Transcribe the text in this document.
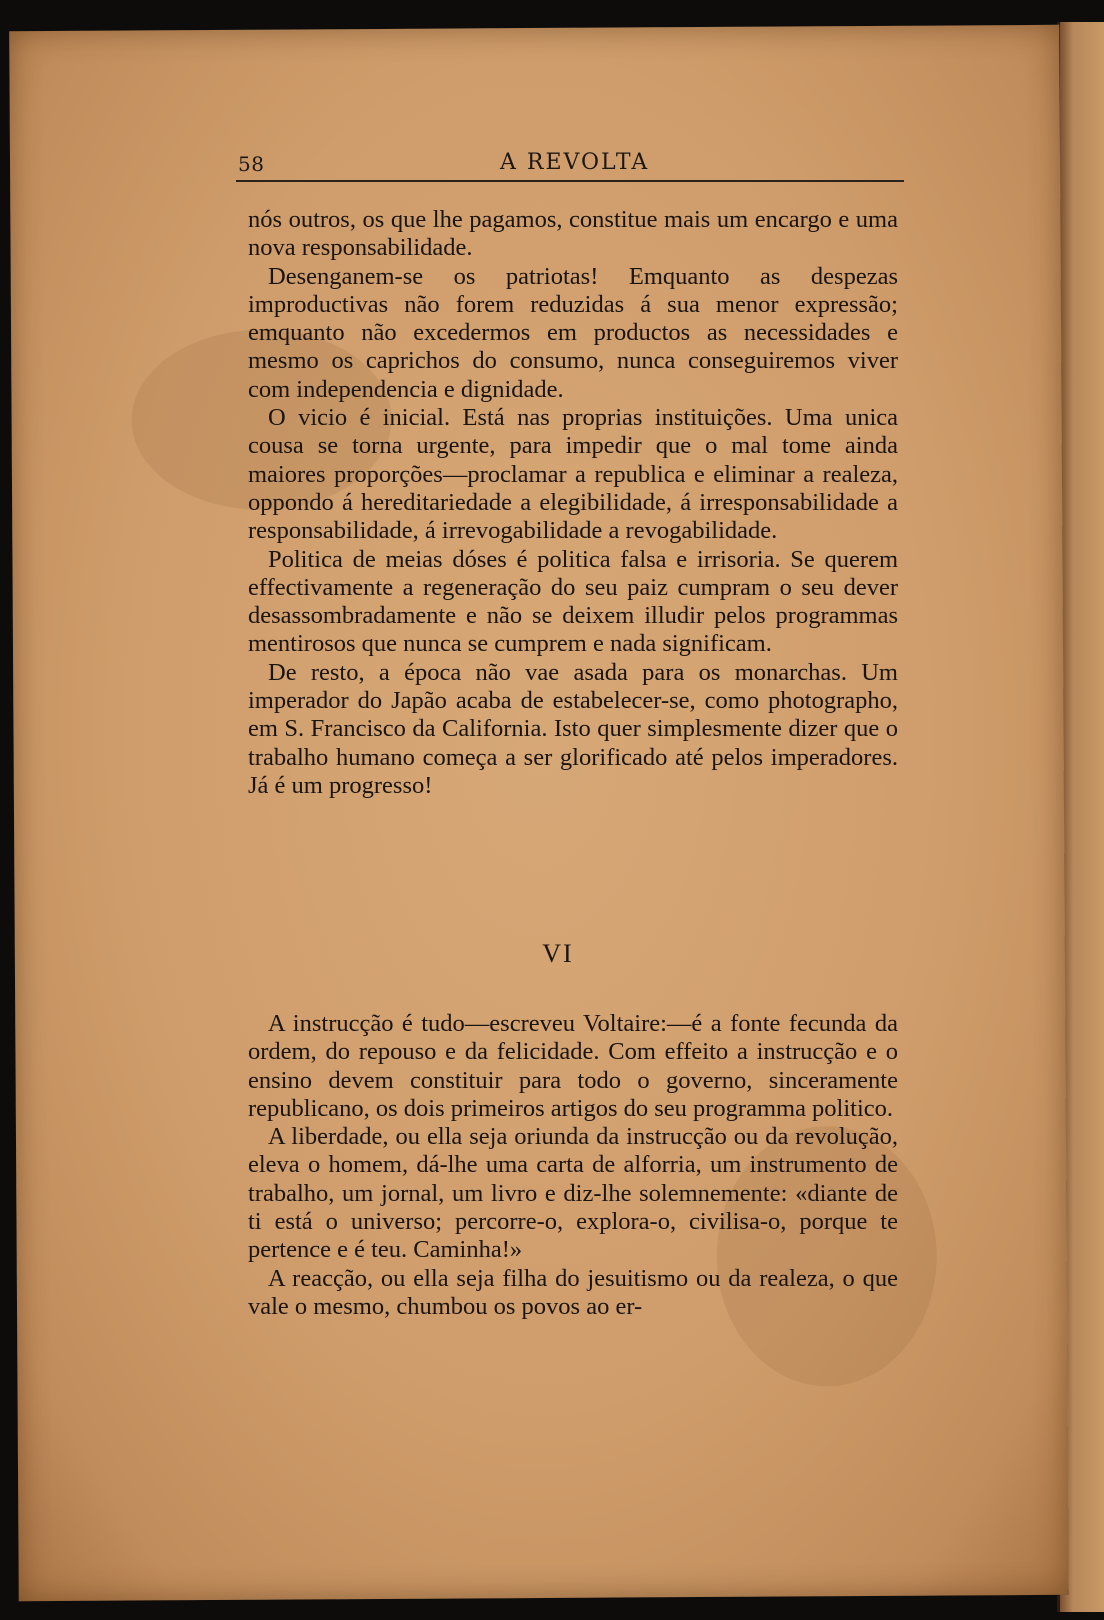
58	A REVOLTA

nós outros, os que lhe pagamos, constitue mais um encargo e uma nova responsabilidade.

Desenganem-se os patriotas! Emquanto as despezas improductivas não forem reduzidas á sua menor expressão; emquanto não excedermos em productos as necessidades e mesmo os caprichos do consumo, nunca conseguiremos viver com independencia e dignidade.

O vicio é inicial. Está nas proprias instituições. Uma unica cousa se torna urgente, para impedir que o mal tome ainda maiores proporções—proclamar a republica e eliminar a realeza, oppondo á hereditariedade a elegibilidade, á irresponsabilidade a responsabilidade, á irrevogabilidade a revogabilidade.

Politica de meias dóses é politica falsa e irrisoria. Se querem effectivamente a regeneração do seu paiz cumpram o seu dever desassombradamente e não se deixem illudir pelos programmas mentirosos que nunca se cumprem e nada significam.

De resto, a época não vae asada para os monarchas. Um imperador do Japão acaba de estabelecer-se, como photographo, em S. Francisco da California. Isto quer simplesmente dizer que o trabalho humano começa a ser glorificado até pelos imperadores. Já é um progresso!

VI

A instrucção é tudo—escreveu Voltaire:—é a fonte fecunda da ordem, do repouso e da felicidade. Com effeito a instrucção e o ensino devem constituir para todo o governo, sinceramente republicano, os dois primeiros artigos do seu programma politico.

A liberdade, ou ella seja oriunda da instrucção ou da revolução, eleva o homem, dá-lhe uma carta de alforria, um instrumento de trabalho, um jornal, um livro e diz-lhe solemnemente: «diante de ti está o universo; percorre-o, explora-o, civilisa-o, porque te pertence e é teu. Caminha!»

A reacção, ou ella seja filha do jesuitismo ou da realeza, o que vale o mesmo, chumbou os povos ao er-
